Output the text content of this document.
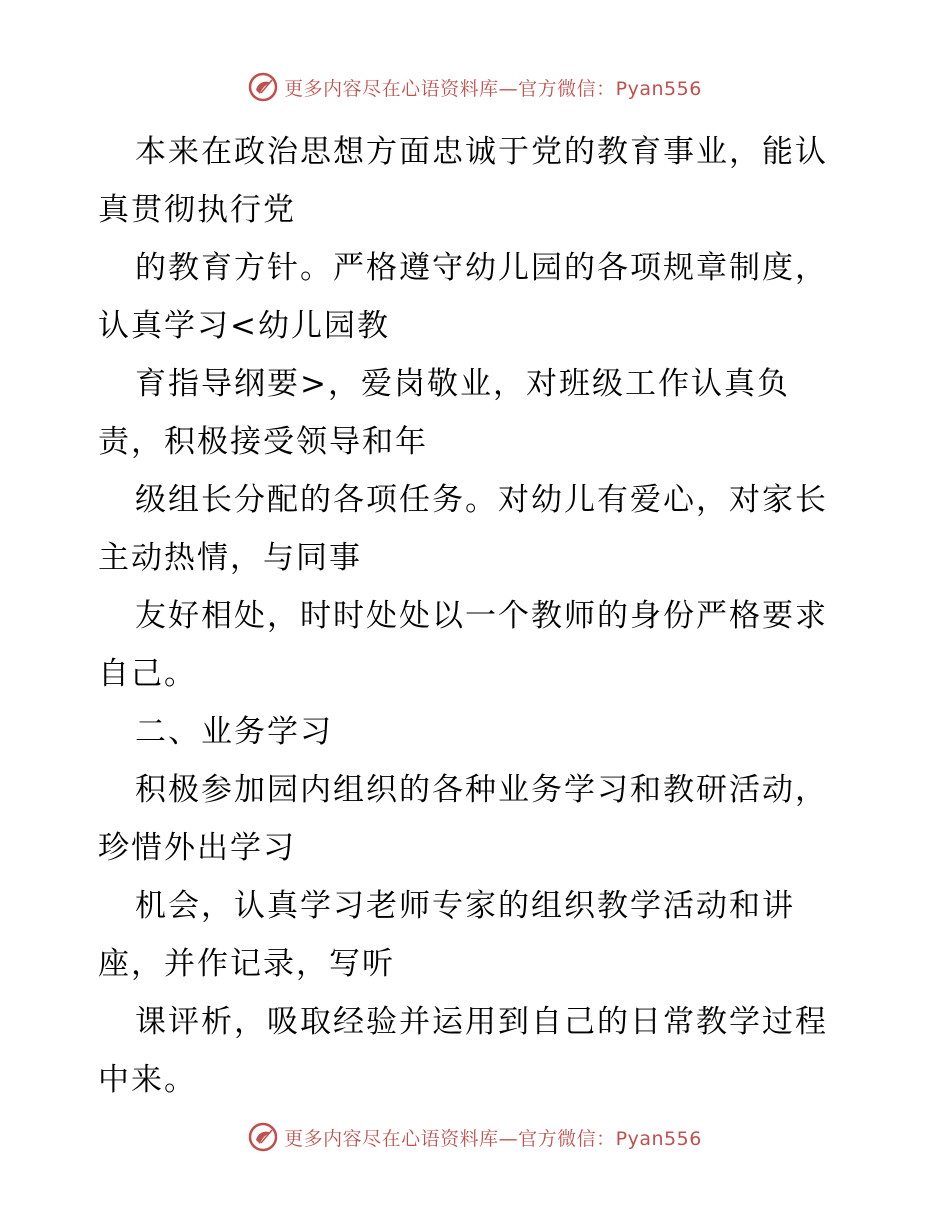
更多内容尽在心语资料库—官方微信：Pyan556
本来在政治思想方面忠诚于党的教育事业，能认
真贯彻执行党
的教育方针。严格遵守幼儿园的各项规章制度，
认真学习<幼儿园教
育指导纲要>，爱岗敬业，对班级工作认真负
责，积极接受领导和年
级组长分配的各项任务。对幼儿有爱心，对家长
主动热情，与同事
友好相处，时时处处以一个教师的身份严格要求
自己。
二、业务学习
积极参加园内组织的各种业务学习和教研活动，
珍惜外出学习
机会，认真学习老师专家的组织教学活动和讲
座，并作记录，写听
课评析，吸取经验并运用到自己的日常教学过程
中来。
更多内容尽在心语资料库—官方微信：Pyan556
